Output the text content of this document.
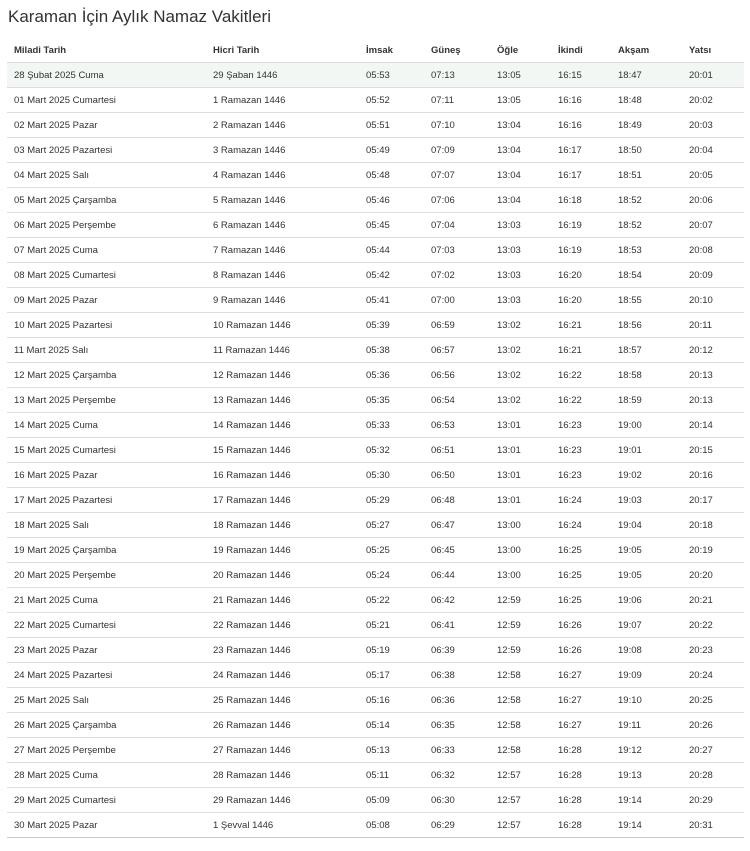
Karaman İçin Aylık Namaz Vakitleri
Miladi Tarih	Hicri Tarih	İmsak	Güneş	Öğle	İkindi	Akşam	Yatsı
28 Şubat 2025 Cuma	29 Şaban 1446	05:53	07:13	13:05	16:15	18:47	20:01
01 Mart 2025 Cumartesi	1 Ramazan 1446	05:52	07:11	13:05	16:16	18:48	20:02
02 Mart 2025 Pazar	2 Ramazan 1446	05:51	07:10	13:04	16:16	18:49	20:03
03 Mart 2025 Pazartesi	3 Ramazan 1446	05:49	07:09	13:04	16:17	18:50	20:04
04 Mart 2025 Salı	4 Ramazan 1446	05:48	07:07	13:04	16:17	18:51	20:05
05 Mart 2025 Çarşamba	5 Ramazan 1446	05:46	07:06	13:04	16:18	18:52	20:06
06 Mart 2025 Perşembe	6 Ramazan 1446	05:45	07:04	13:03	16:19	18:52	20:07
07 Mart 2025 Cuma	7 Ramazan 1446	05:44	07:03	13:03	16:19	18:53	20:08
08 Mart 2025 Cumartesi	8 Ramazan 1446	05:42	07:02	13:03	16:20	18:54	20:09
09 Mart 2025 Pazar	9 Ramazan 1446	05:41	07:00	13:03	16:20	18:55	20:10
10 Mart 2025 Pazartesi	10 Ramazan 1446	05:39	06:59	13:02	16:21	18:56	20:11
11 Mart 2025 Salı	11 Ramazan 1446	05:38	06:57	13:02	16:21	18:57	20:12
12 Mart 2025 Çarşamba	12 Ramazan 1446	05:36	06:56	13:02	16:22	18:58	20:13
13 Mart 2025 Perşembe	13 Ramazan 1446	05:35	06:54	13:02	16:22	18:59	20:13
14 Mart 2025 Cuma	14 Ramazan 1446	05:33	06:53	13:01	16:23	19:00	20:14
15 Mart 2025 Cumartesi	15 Ramazan 1446	05:32	06:51	13:01	16:23	19:01	20:15
16 Mart 2025 Pazar	16 Ramazan 1446	05:30	06:50	13:01	16:23	19:02	20:16
17 Mart 2025 Pazartesi	17 Ramazan 1446	05:29	06:48	13:01	16:24	19:03	20:17
18 Mart 2025 Salı	18 Ramazan 1446	05:27	06:47	13:00	16:24	19:04	20:18
19 Mart 2025 Çarşamba	19 Ramazan 1446	05:25	06:45	13:00	16:25	19:05	20:19
20 Mart 2025 Perşembe	20 Ramazan 1446	05:24	06:44	13:00	16:25	19:05	20:20
21 Mart 2025 Cuma	21 Ramazan 1446	05:22	06:42	12:59	16:25	19:06	20:21
22 Mart 2025 Cumartesi	22 Ramazan 1446	05:21	06:41	12:59	16:26	19:07	20:22
23 Mart 2025 Pazar	23 Ramazan 1446	05:19	06:39	12:59	16:26	19:08	20:23
24 Mart 2025 Pazartesi	24 Ramazan 1446	05:17	06:38	12:58	16:27	19:09	20:24
25 Mart 2025 Salı	25 Ramazan 1446	05:16	06:36	12:58	16:27	19:10	20:25
26 Mart 2025 Çarşamba	26 Ramazan 1446	05:14	06:35	12:58	16:27	19:11	20:26
27 Mart 2025 Perşembe	27 Ramazan 1446	05:13	06:33	12:58	16:28	19:12	20:27
28 Mart 2025 Cuma	28 Ramazan 1446	05:11	06:32	12:57	16:28	19:13	20:28
29 Mart 2025 Cumartesi	29 Ramazan 1446	05:09	06:30	12:57	16:28	19:14	20:29
30 Mart 2025 Pazar	1 Şevval 1446	05:08	06:29	12:57	16:28	19:14	20:31
